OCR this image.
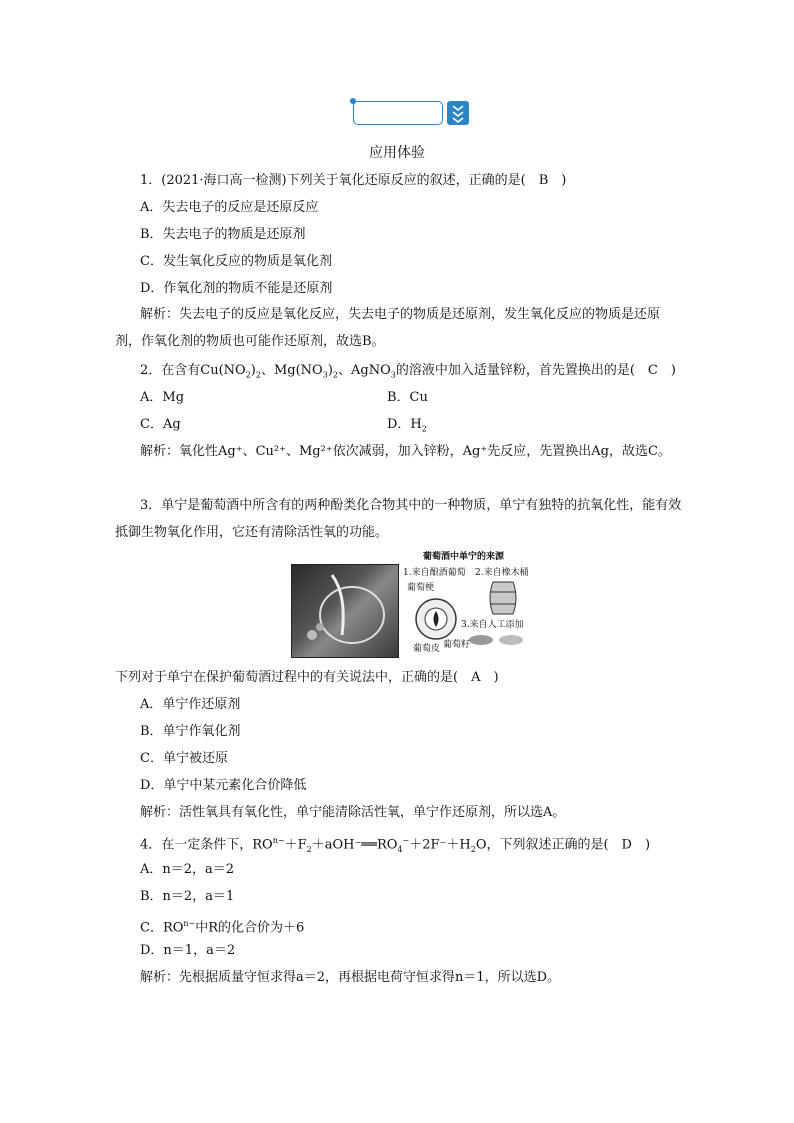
应用体验
1．(2021·海口高一检测)下列关于氧化还原反应的叙述，正确的是(　B　)
A．失去电子的反应是还原反应
B．失去电子的物质是还原剂
C．发生氧化反应的物质是氧化剂
D．作氧化剂的物质不能是还原剂
解析：失去电子的反应是氧化反应，失去电子的物质是还原剂，发生氧化反应的物质是还原剂，作氧化剂的物质也可能作还原剂，故选B。
2．在含有$Cu(NO_2)_2$、$Mg(NO_3)_2$、AgNO$_3$的溶液中加入适量锌粉，首先置换出的是(　C　)
A．Mg	B．Cu
C．Ag	D．$H_2$
解析：氧化性Ag⁺、Cu²⁺、Mg²⁺依次减弱，加入锌粉，Ag⁺先反应，先置换出Ag，故选C。
3．单宁是葡萄酒中所含有的两种酚类化合物其中的一种物质，单宁有独特的抗氧化性，能有效抵御生物氧化作用，它还有清除活性氧的功能。
葡萄酒中单宁的来源
1.来自酿酒葡萄 2.来自橡木桶
葡萄梗
3.来自人工添加
葡萄皮 葡萄籽
下列对于单宁在保护葡萄酒过程中的有关说法中，正确的是(　A　)
A．单宁作还原剂
B．单宁作氧化剂
C．单宁被还原
D．单宁中某元素化合价降低
解析：活性氧具有氧化性，单宁能清除活性氧，单宁作还原剂，所以选A。
4．在一定条件下，$RO^{n-}+F_2+aOH^-══RO_4^-+2F^-+H_2O$，下列叙述正确的是(　D　)
A．n＝2，a＝2
B．n＝2，a＝1
C．$RO^{n-}$中R的化合价为＋6
D．n＝1，a＝2
解析：先根据质量守恒求得a＝2，再根据电荷守恒求得n＝1，所以选D。
